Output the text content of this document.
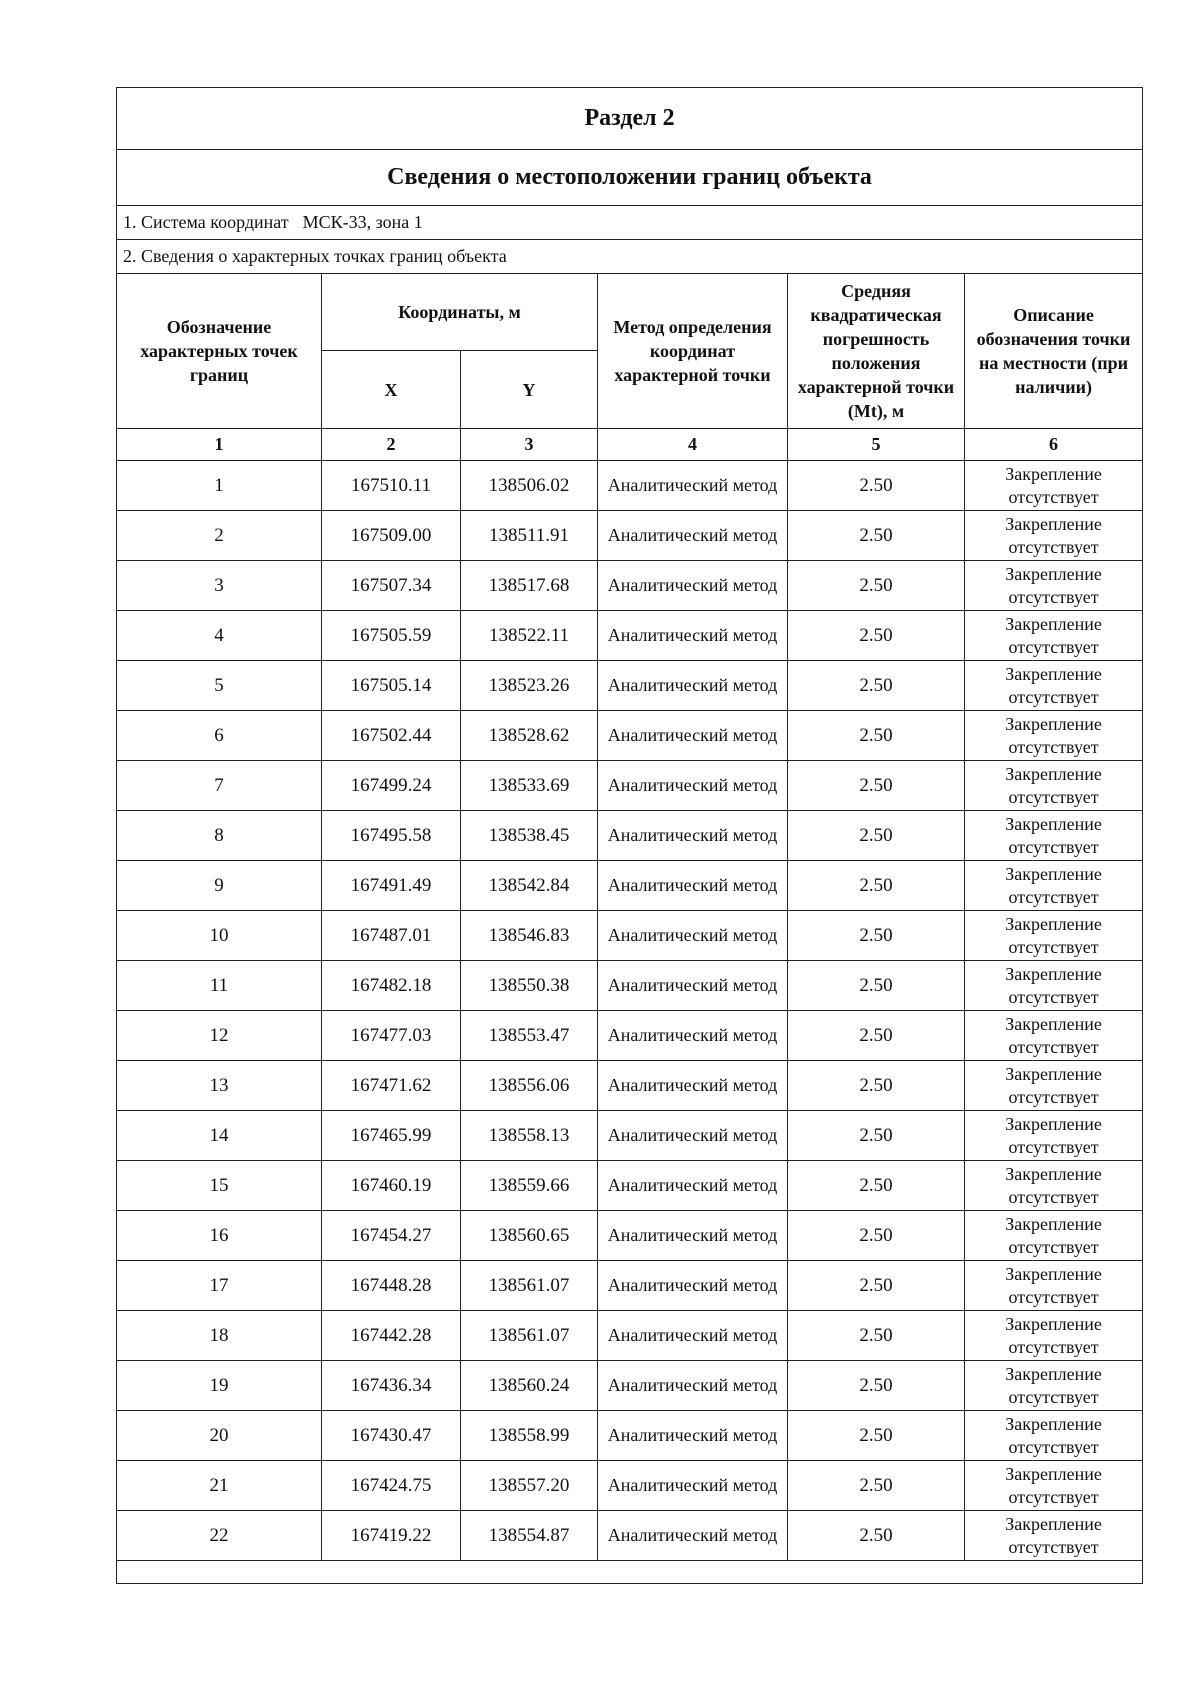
Раздел 2					
Сведения о местоположении границ объекта					
1. Система координат МСК-33, зона 1					
2. Сведения о характерных точках границ объекта					
Обозначение характерных точек границ	Координаты, м		Метод определения координат характерной точки	Средняя квадратическая погрешность положения характерной точки (Mt), м	Описание обозначения точки на местности (при наличии)
	X	Y			
1	2	3	4	5	6
1	167510.11	138506.02	Аналитический метод	2.50	Закрепление отсутствует
2	167509.00	138511.91	Аналитический метод	2.50	Закрепление отсутствует
3	167507.34	138517.68	Аналитический метод	2.50	Закрепление отсутствует
4	167505.59	138522.11	Аналитический метод	2.50	Закрепление отсутствует
5	167505.14	138523.26	Аналитический метод	2.50	Закрепление отсутствует
6	167502.44	138528.62	Аналитический метод	2.50	Закрепление отсутствует
7	167499.24	138533.69	Аналитический метод	2.50	Закрепление отсутствует
8	167495.58	138538.45	Аналитический метод	2.50	Закрепление отсутствует
9	167491.49	138542.84	Аналитический метод	2.50	Закрепление отсутствует
10	167487.01	138546.83	Аналитический метод	2.50	Закрепление отсутствует
11	167482.18	138550.38	Аналитический метод	2.50	Закрепление отсутствует
12	167477.03	138553.47	Аналитический метод	2.50	Закрепление отсутствует
13	167471.62	138556.06	Аналитический метод	2.50	Закрепление отсутствует
14	167465.99	138558.13	Аналитический метод	2.50	Закрепление отсутствует
15	167460.19	138559.66	Аналитический метод	2.50	Закрепление отсутствует
16	167454.27	138560.65	Аналитический метод	2.50	Закрепление отсутствует
17	167448.28	138561.07	Аналитический метод	2.50	Закрепление отсутствует
18	167442.28	138561.07	Аналитический метод	2.50	Закрепление отсутствует
19	167436.34	138560.24	Аналитический метод	2.50	Закрепление отсутствует
20	167430.47	138558.99	Аналитический метод	2.50	Закрепление отсутствует
21	167424.75	138557.20	Аналитический метод	2.50	Закрепление отсутствует
22	167419.22	138554.87	Аналитический метод	2.50	Закрепление отсутствует
